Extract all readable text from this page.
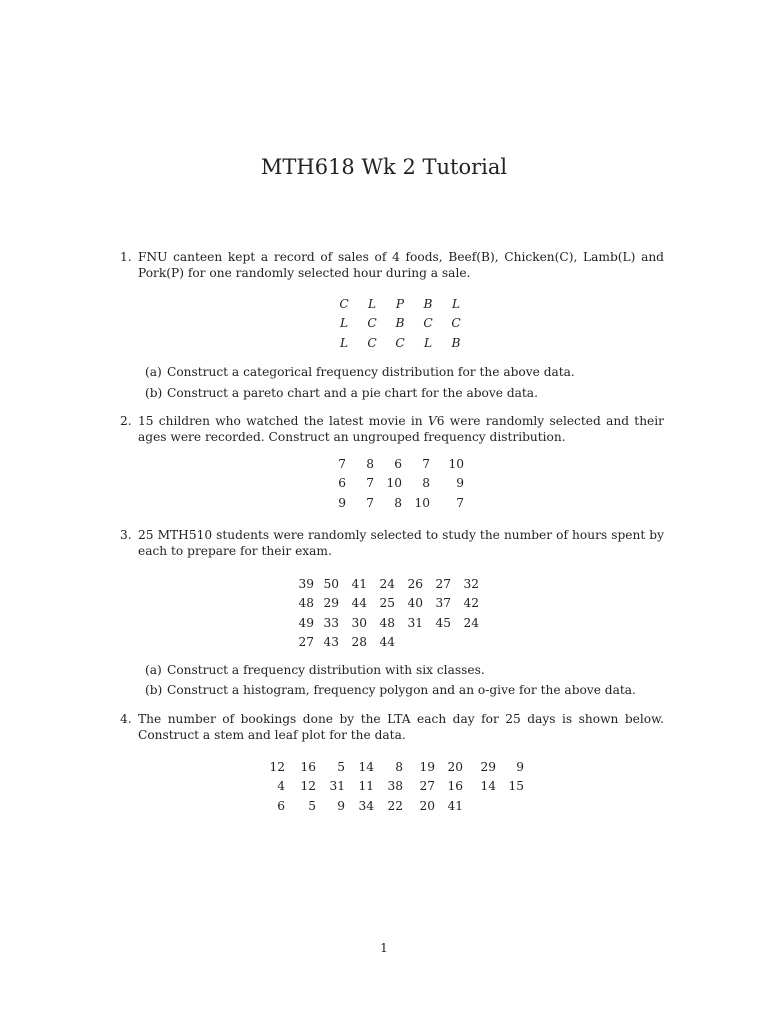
MTH618 Wk 2 Tutorial
1. FNU canteen kept a record of sales of 4 foods, Beef(B), Chicken(C), Lamb(L) and Pork(P) for one randomly selected hour during a sale.
C	L	P	B	L
L	C	B	C	C
L	C	C	L	B
(a) Construct a categorical frequency distribution for the above data.
(b) Construct a pareto chart and a pie chart for the above data.
2. 15 children who watched the latest movie in V6 were randomly selected and their ages were recorded. Construct an ungrouped frequency distribution.
7	8	6	7	10
6	7	10	8	9
9	7	8	10	7
3. 25 MTH510 students were randomly selected to study the number of hours spent by each to prepare for their exam.
39	50	41	24	26	27	32
48	29	44	25	40	37	42
49	33	30	48	31	45	24
27	43	28	44			
(a) Construct a frequency distribution with six classes.
(b) Construct a histogram, frequency polygon and an o-give for the above data.
4. The number of bookings done by the LTA each day for 25 days is shown below. Construct a stem and leaf plot for the data.
12	16	5	14	8	19	20	29	9
4	12	31	11	38	27	16	14	15
6	5	9	34	22	20	41		
1
